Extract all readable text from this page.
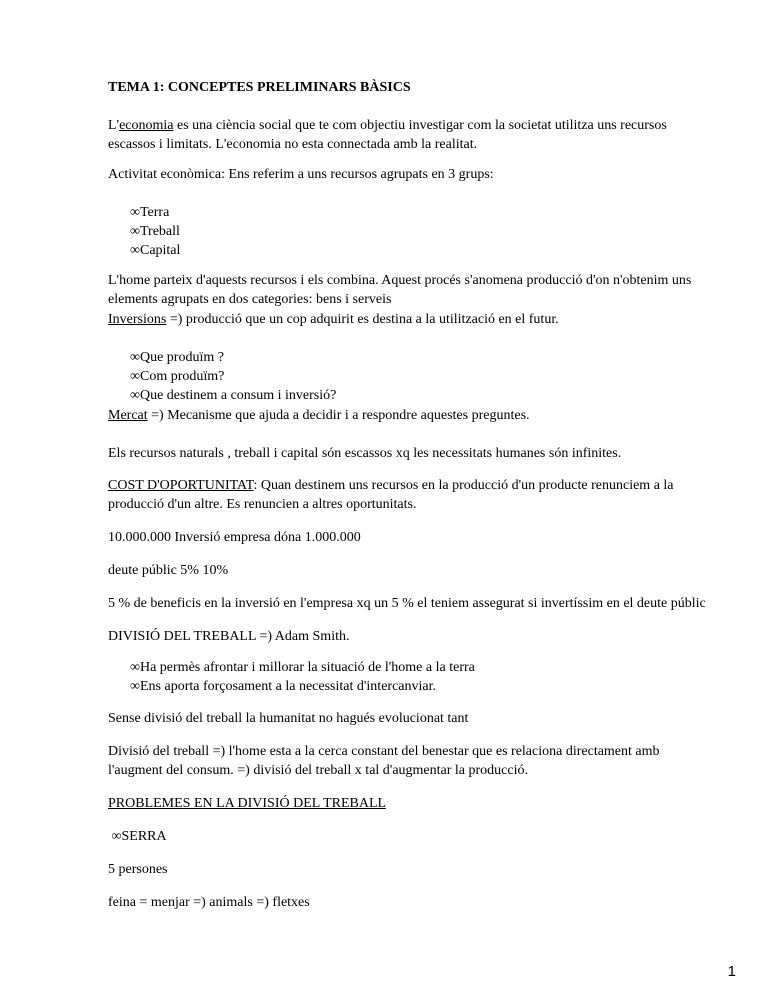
TEMA 1: CONCEPTES PRELIMINARS BÀSICS

L'economia es una ciència social que te com objectiu investigar com la societat utilitza uns recursos escassos i limitats. L'economia no esta connectada amb la realitat.

Activitat econòmica: Ens referim a uns recursos agrupats en 3 grups:

∞Terra
∞Treball
∞Capital

L'home parteix d'aquests recursos i els combina. Aquest procés s'anomena producció d'on n'obtenim uns elements agrupats en dos categories: bens i serveis

Inversions =) producció que un cop adquirit es destina a la utilització en el futur.

∞Que produïm ?
∞Com produïm?
∞Que destinem a consum i inversió?

Mercat =) Mecanisme que ajuda a decidir i a respondre aquestes preguntes.

Els recursos naturals , treball i capital són escassos xq les necessitats humanes són infinites.

COST D'OPORTUNITAT: Quan destinem uns recursos en la producció d'un producte renunciem a la producció d'un altre. Es renuncien a altres oportunitats.

10.000.000 Inversió empresa dóna 1.000.000

deute públic 5% 10%

5 % de beneficis en la inversió en l'empresa xq un 5 % el teniem assegurat si invertíssim en el deute públic

DIVISIÓ DEL TREBALL =) Adam Smith.

∞Ha permès afrontar i millorar la situació de l'home a la terra
∞Ens aporta forçosament a la necessitat d'intercanviar.

Sense divisió del treball la humanitat no hagués evolucionat tant

Divisió del treball =) l'home esta a la cerca constant del benestar que es relaciona directament amb l'augment del consum. =) divisió del treball x tal d'augmentar la producció.

PROBLEMES EN LA DIVISIÓ DEL TREBALL

∞SERRA

5 persones

feina = menjar =) animals =) fletxes

1
